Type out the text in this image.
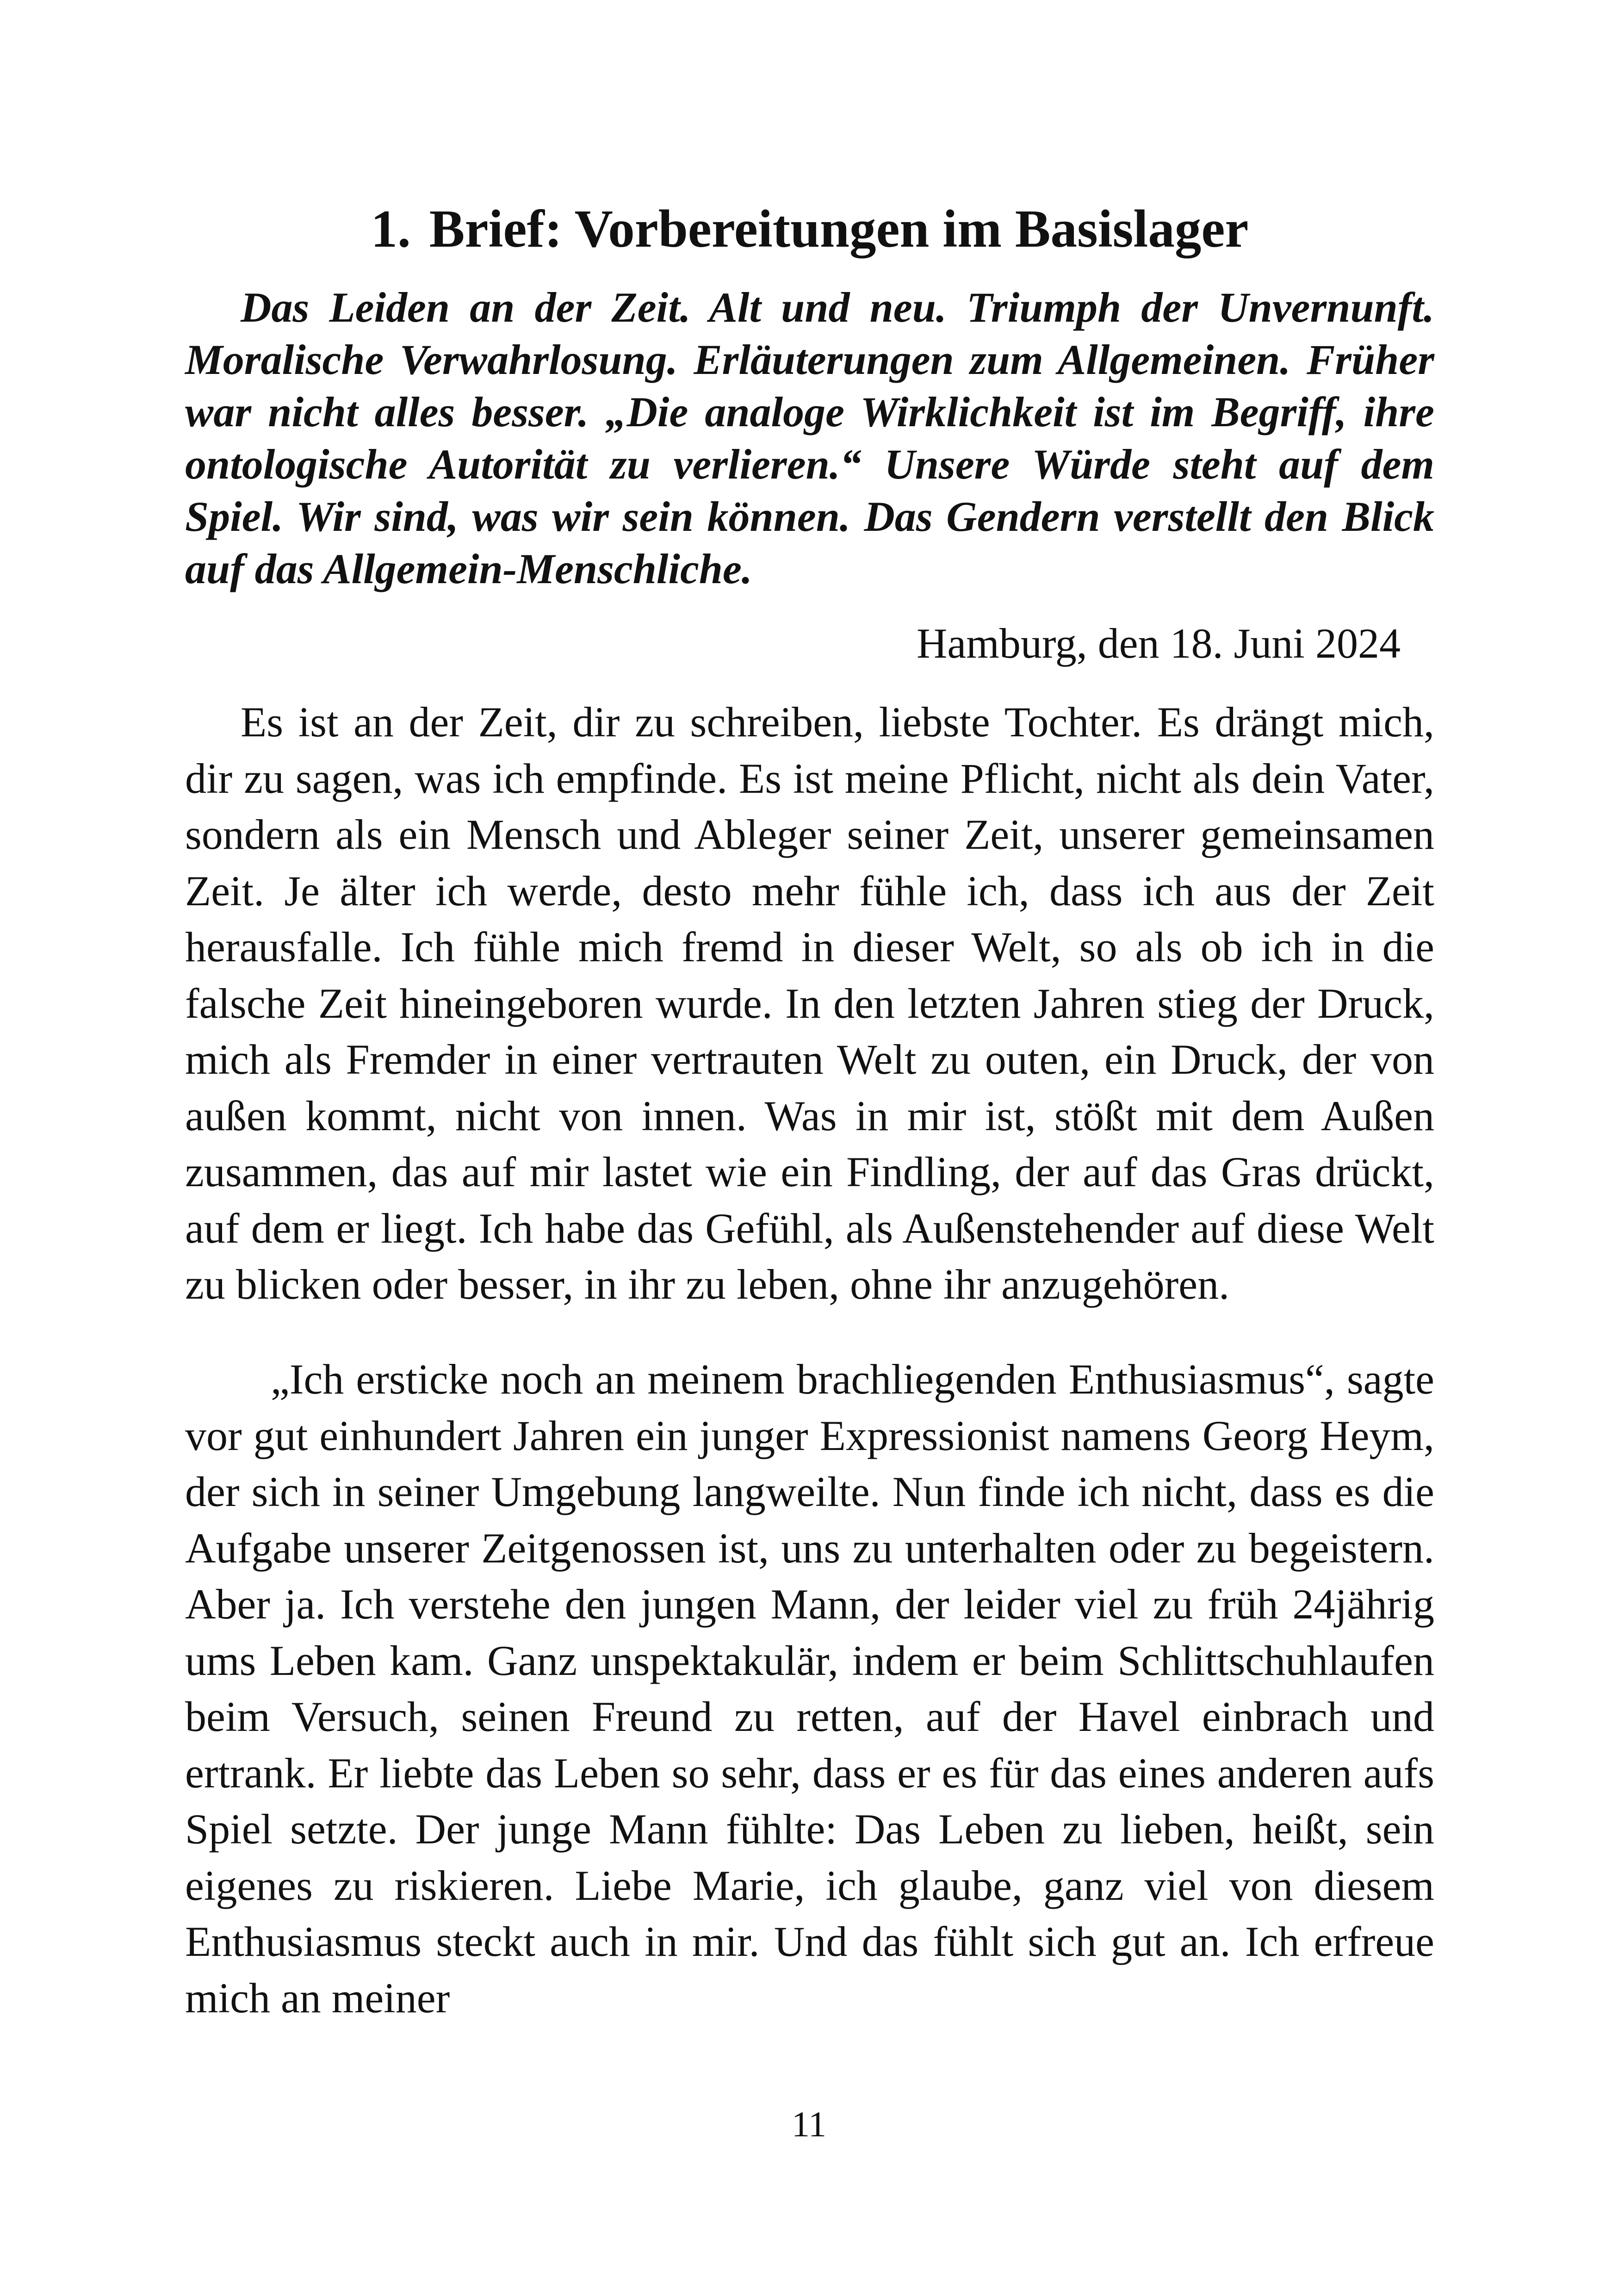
1. Brief: Vorbereitungen im Basislager

Das Leiden an der Zeit. Alt und neu. Triumph der Unvernunft. Moralische Verwahrlosung. Erläuterungen zum Allgemeinen. Früher war nicht alles besser. „Die analoge Wirklichkeit ist im Begriff, ihre ontologische Autorität zu verlieren.“ Unsere Würde steht auf dem Spiel. Wir sind, was wir sein können. Das Gendern verstellt den Blick auf das Allgemein-Menschliche.

Hamburg, den 18. Juni 2024

Es ist an der Zeit, dir zu schreiben, liebste Tochter. Es drängt mich, dir zu sagen, was ich empfinde. Es ist meine Pflicht, nicht als dein Vater, sondern als ein Mensch und Ableger seiner Zeit, unserer gemeinsamen Zeit. Je älter ich werde, desto mehr fühle ich, dass ich aus der Zeit herausfalle. Ich fühle mich fremd in dieser Welt, so als ob ich in die falsche Zeit hineingeboren wurde. In den letzten Jahren stieg der Druck, mich als Fremder in einer vertrauten Welt zu outen, ein Druck, der von außen kommt, nicht von innen. Was in mir ist, stößt mit dem Außen zusammen, das auf mir lastet wie ein Findling, der auf das Gras drückt, auf dem er liegt. Ich habe das Gefühl, als Außenstehender auf diese Welt zu blicken oder besser, in ihr zu leben, ohne ihr anzugehören.

„Ich ersticke noch an meinem brachliegenden Enthusiasmus“, sagte vor gut einhundert Jahren ein junger Expressionist namens Georg Heym, der sich in seiner Umgebung langweilte. Nun finde ich nicht, dass es die Aufgabe unserer Zeitgenossen ist, uns zu unterhalten oder zu begeistern. Aber ja. Ich verstehe den jungen Mann, der leider viel zu früh 24jährig ums Leben kam. Ganz unspektakulär, indem er beim Schlittschuhlaufen beim Versuch, seinen Freund zu retten, auf der Havel einbrach und ertrank. Er liebte das Leben so sehr, dass er es für das eines anderen aufs Spiel setzte. Der junge Mann fühlte: Das Leben zu lieben, heißt, sein eigenes zu riskieren. Liebe Marie, ich glaube, ganz viel von diesem Enthusiasmus steckt auch in mir. Und das fühlt sich gut an. Ich erfreue mich an meiner

11
